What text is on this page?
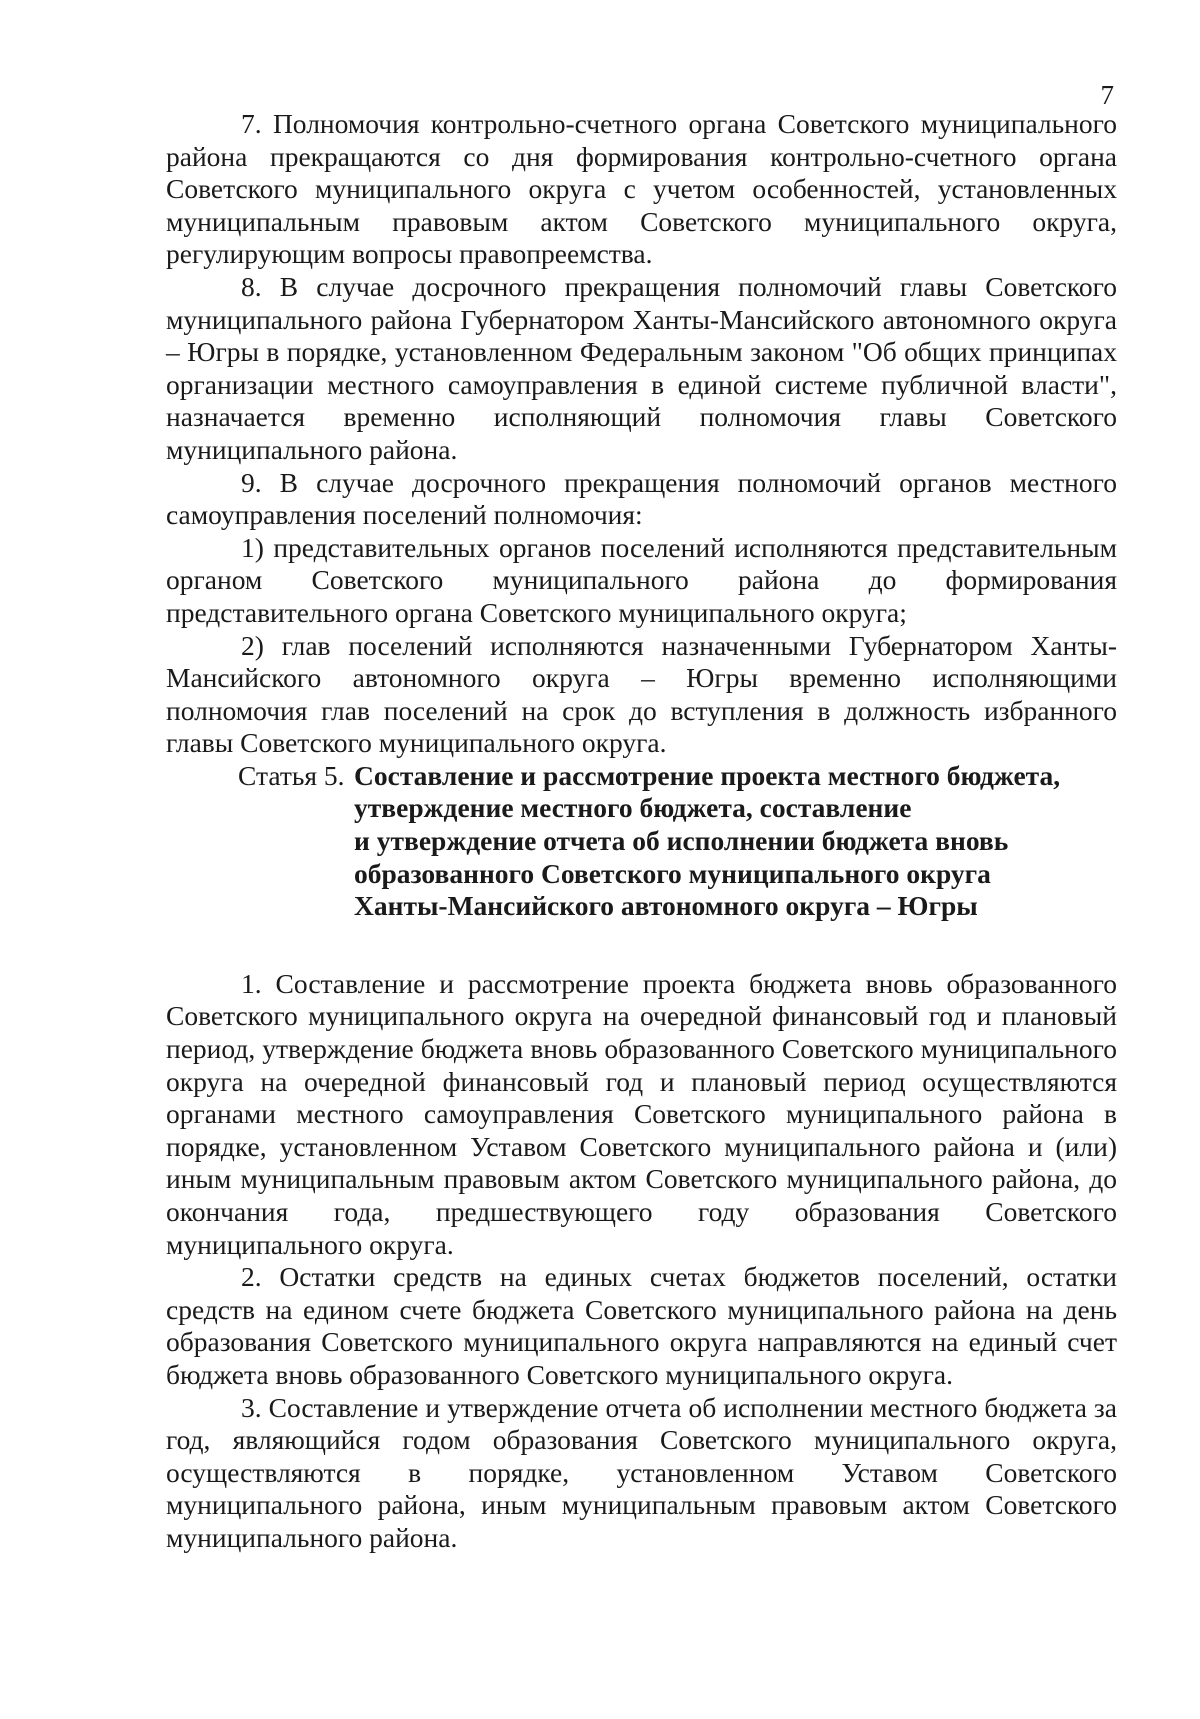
7

7. Полномочия контрольно-счетного органа Советского муниципального района прекращаются со дня формирования контрольно-счетного органа Советского муниципального округа с учетом особенностей, установленных муниципальным правовым актом Советского муниципального округа, регулирующим вопросы правопреемства.

8. В случае досрочного прекращения полномочий главы Советского муниципального района Губернатором Ханты-Мансийского автономного округа – Югры в порядке, установленном Федеральным законом "Об общих принципах организации местного самоуправления в единой системе публичной власти", назначается временно исполняющий полномочия главы Советского муниципального района.

9. В случае досрочного прекращения полномочий органов местного самоуправления поселений полномочия:

1) представительных органов поселений исполняются представительным органом Советского муниципального района до формирования представительного органа Советского муниципального округа;

2) глав поселений исполняются назначенными Губернатором Ханты-Мансийского автономного округа – Югры временно исполняющими полномочия глав поселений на срок до вступления в должность избранного главы Советского муниципального округа.

Статья 5. Составление и рассмотрение проекта местного бюджета,
утверждение местного бюджета, составление
и утверждение отчета об исполнении бюджета вновь
образованного Советского муниципального округа
Ханты-Мансийского автономного округа – Югры

1. Составление и рассмотрение проекта бюджета вновь образованного Советского муниципального округа на очередной финансовый год и плановый период, утверждение бюджета вновь образованного Советского муниципального округа на очередной финансовый год и плановый период осуществляются органами местного самоуправления Советского муниципального района в порядке, установленном Уставом Советского муниципального района и (или) иным муниципальным правовым актом Советского муниципального района, до окончания года, предшествующего году образования Советского муниципального округа.

2. Остатки средств на единых счетах бюджетов поселений, остатки средств на едином счете бюджета Советского муниципального района на день образования Советского муниципального округа направляются на единый счет бюджета вновь образованного Советского муниципального округа.

3. Составление и утверждение отчета об исполнении местного бюджета за год, являющийся годом образования Советского муниципального округа, осуществляются в порядке, установленном Уставом Советского муниципального района, иным муниципальным правовым актом Советского муниципального района.
